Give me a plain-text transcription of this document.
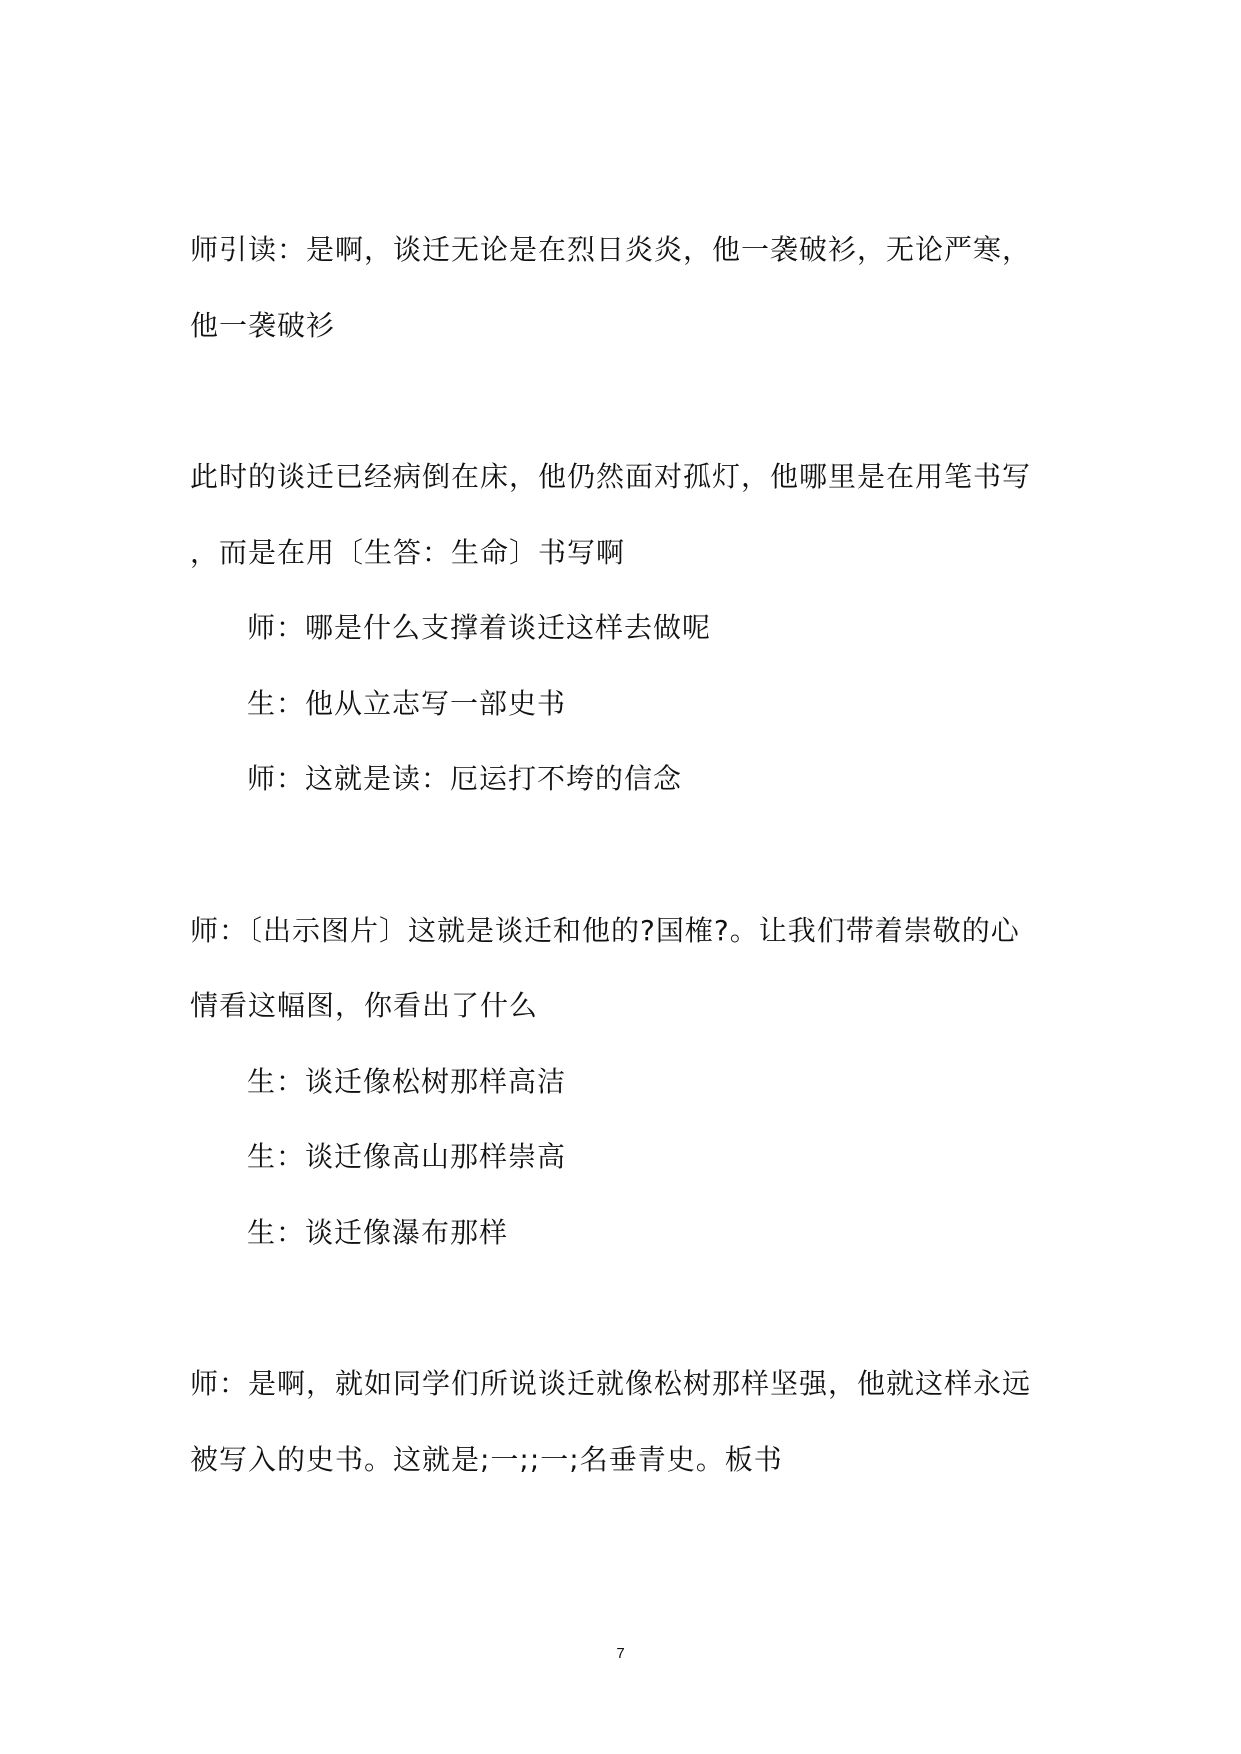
师引读：是啊，谈迁无论是在烈日炎炎，他一袭破衫，无论严寒，
他一袭破衫
此时的谈迁已经病倒在床，他仍然面对孤灯，他哪里是在用笔书写
，而是在用〔生答：生命〕书写啊
师：哪是什么支撑着谈迁这样去做呢
生：他从立志写一部史书
师：这就是读：厄运打不垮的信念
师：〔出示图片〕这就是谈迁和他的?国榷?。让我们带着崇敬的心
情看这幅图，你看出了什么
生：谈迁像松树那样高洁
生：谈迁像高山那样崇高
生：谈迁像瀑布那样
师：是啊，就如同学们所说谈迁就像松树那样坚强，他就这样永远
被写入的史书。这就是;一;;一;名垂青史。板书
7
